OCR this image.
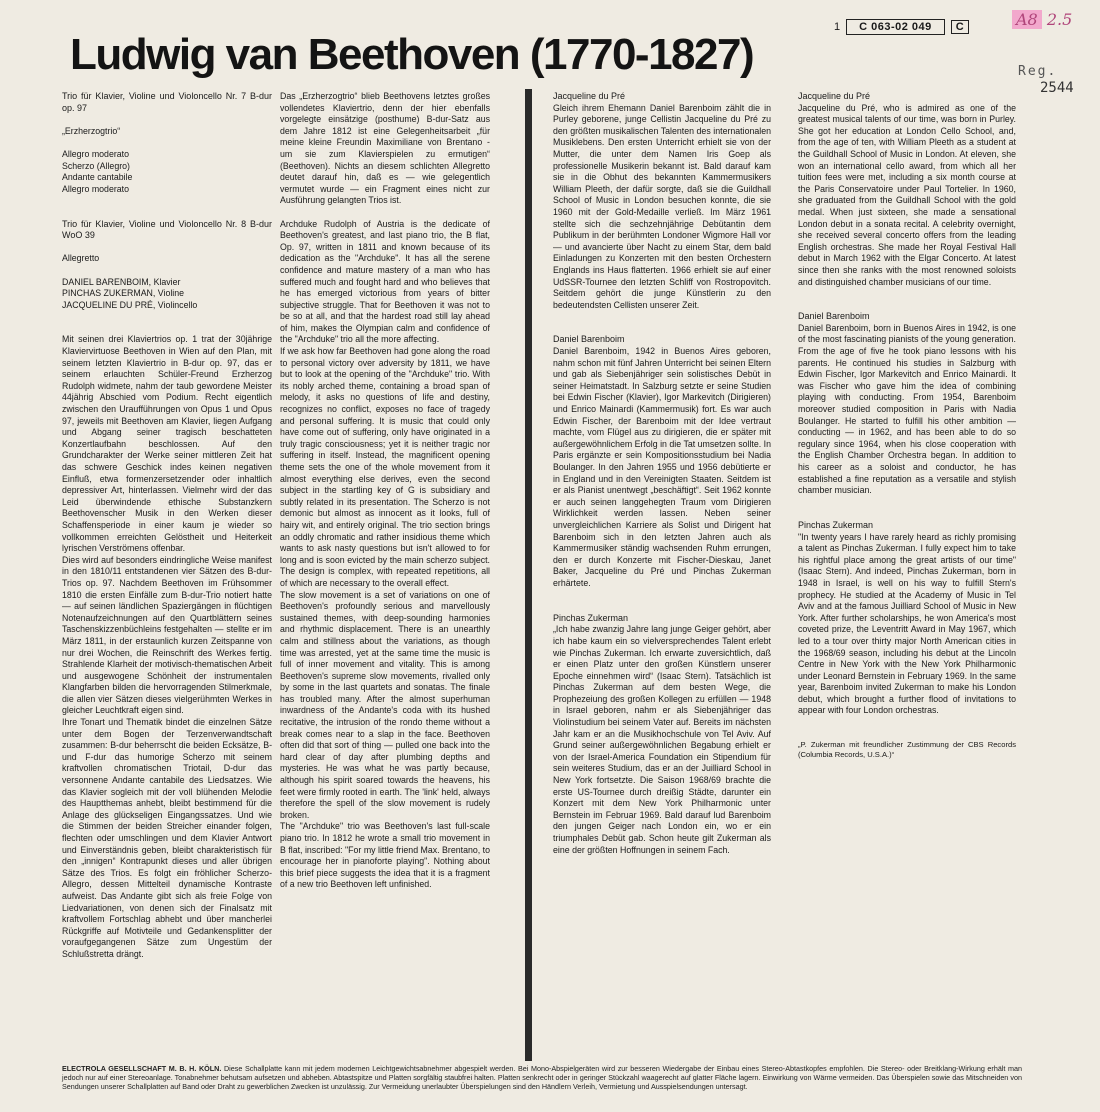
Ludwig van Beethoven (1770-1827)
1	C 063-02 049	C	A8 2.5
Reg.
2544

Trio für Klavier, Violine und Violoncello Nr. 7 B-dur op. 97

„Erzherzogtrio“

Allegro moderato

Scherzo (Allegro)

Andante cantabile

Allegro moderato

Trio für Klavier, Violine und Violoncello Nr. 8 B-dur WoO 39

Allegretto

DANIEL BARENBOIM, Klavier

PINCHAS ZUKERMAN, Violine

JACQUELINE DU PRÉ, Violincello

Mit seinen drei Klaviertrios op. 1 trat der 30jährige Klaviervirtuose Beethoven in Wien auf den Plan, mit seinem letzten Klaviertrio in B-dur op. 97, das er seinem erlauchten Schüler-Freund Erzherzog Rudolph widmete, nahm der taub gewordene Meister 44jährig Abschied vom Podium. Recht eigentlich zwischen den Uraufführungen von Opus 1 und Opus 97, jeweils mit Beethoven am Klavier, liegen Aufgang und Abgang seiner tragisch beschatteten Konzertlaufbahn beschlossen. Auf den Grundcharakter der Werke seiner mittleren Zeit hat das schwere Geschick indes keinen negativen Einfluß, etwa formenzersetzender oder inhaltlich depressiver Art, hinterlassen. Vielmehr wird der das Leid überwindende ethische Substanzkern Beethovenscher Musik in den Werken dieser Schaffensperiode in einer kaum je wieder so vollkommen erreichten Gelöstheit und Heiterkeit lyrischen Verströmens offenbar.
Dies wird auf besonders eindringliche Weise manifest in den 1810/11 entstandenen vier Sätzen des B-dur-Trios op. 97. Nachdem Beethoven im Frühsommer 1810 die ersten Einfälle zum B-dur-Trio notiert hatte — auf seinen ländlichen Spaziergängen in flüchtigen Notenaufzeichnungen auf den Quartblättern seines Taschenskizzenbüchleins festgehalten — stellte er im März 1811, in der erstaunlich kurzen Zeitspanne von nur drei Wochen, die Reinschrift des Werkes fertig. Strahlende Klarheit der motivisch-thematischen Arbeit und ausgewogene Schönheit der instrumentalen Klangfarben bilden die hervorragenden Stilmerkmale, die allen vier Sätzen dieses vielgerühmten Werkes in gleicher Leuchtkraft eigen sind.
Ihre Tonart und Thematik bindet die einzelnen Sätze unter dem Bogen der Terzenverwandtschaft zusammen: B-dur beherrscht die beiden Ecksätze, B- und F-dur das humorige Scherzo mit seinem kraftvollen chromatischen Triotail, D-dur das versonnene Andante cantabile des Liedsatzes. Wie das Klavier sogleich mit der voll blühenden Melodie des Hauptthemas anhebt, bleibt bestimmend für die Anlage des glückseligen Eingangssatzes. Und wie die Stimmen der beiden Streicher einander folgen, flechten oder umschlingen und dem Klavier Antwort und Einverständnis geben, bleibt charakteristisch für den „innigen“ Kontrapunkt dieses und aller übrigen Sätze des Trios. Es folgt ein fröhlicher Scherzo-Allegro, dessen Mittelteil dynamische Kontraste aufweist. Das Andante gibt sich als freie Folge von Liedvariationen, von denen sich der Finalsatz mit kraftvollem Fortschlag abhebt und über mancherlei Rückgriffe auf Motivteile und Gedankensplitter der voraufgegangenen Sätze zum Ungestüm der Schlußstretta drängt.

Das „Erzherzogtrio“ blieb Beethovens letztes großes vollendetes Klaviertrio, denn der hier ebenfalls vorgelegte einsätzige (posthume) B-dur-Satz aus dem Jahre 1812 ist eine Gelegenheitsarbeit „für meine kleine Freundin Maximiliane von Brentano - um sie zum Klavierspielen zu ermutigen“ (Beethoven). Nichts an diesem schlichten Allegretto deutet darauf hin, daß es — wie gelegentlich vermutet wurde — ein Fragment eines nicht zur Ausführung gelangten Trios ist.

Archduke Rudolph of Austria is the dedicate of Beethoven's greatest, and last piano trio, the B flat, Op. 97, written in 1811 and known because of its dedication as the "Archduke". It has all the serene confidence and mature mastery of a man who has suffered much and fought hard and who believes that he has emerged victorious from years of bitter subjective struggle. That for Beethoven it was not to be so at all, and that the hardest road still lay ahead of him, makes the Olympian calm and confidence of the "Archduke" trio all the more affecting.
If we ask how far Beethoven had gone along the road to personal victory over adversity by 1811, we have but to look at the opening of the "Archduke" trio. With its nobly arched theme, containing a broad span of melody, it asks no questions of life and destiny, recognizes no conflict, exposes no face of tragedy and personal suffering. It is music that could only have come out of suffering, only have originated in a truly tragic consciousness; yet it is neither tragic nor suffering in itself. Instead, the magnificent opening theme sets the one of the whole movement from it almost everything else derives, even the second subject in the startling key of G is subsidiary and subtly related in its presentation. The Scherzo is not demonic but almost as innocent as it looks, full of hairy wit, and entirely original. The trio section brings an oddly chromatic and rather insidious theme which wants to ask nasty questions but isn't allowed to for long and is soon evicted by the main scherzo subject. The design is complex, with repeated repetitions, all of which are necessary to the overall effect.
The slow movement is a set of variations on one of Beethoven's profoundly serious and marvellously sustained themes, with deep-sounding harmonies and rhythmic displacement. There is an unearthly calm and stillness about the variations, as though time was arrested, yet at the same time the music is full of inner movement and vitality. This is among Beethoven's supreme slow movements, rivalled only by some in the last quartets and sonatas. The finale has troubled many. After the almost superhuman inwardness of the Andante's coda with its hushed recitative, the intrusion of the rondo theme without a break comes near to a slap in the face. Beethoven often did that sort of thing — pulled one back into the hard clear of day after plumbing depths and mysteries. He was what he was partly because, although his spirit soared towards the heavens, his feet were firmly rooted in earth. The 'link' held, always therefore the spell of the slow movement is rudely broken.
The "Archduke" trio was Beethoven's last full-scale piano trio. In 1812 he wrote a small trio movement in B flat, inscribed: "For my little friend Max. Brentano, to encourage her in pianoforte playing". Nothing about this brief piece suggests the idea that it is a fragment of a new trio Beethoven left unfinished.

Jacqueline du Pré

Gleich ihrem Ehemann Daniel Barenboim zählt die in Purley geborene, junge Cellistin Jacqueline du Pré zu den größten musikalischen Talenten des internationalen Musiklebens. Den ersten Unterricht erhielt sie von der Mutter, die unter dem Namen Iris Goep als professionelle Musikerin bekannt ist. Bald darauf kam sie in die Obhut des bekannten Kammermusikers William Pleeth, der dafür sorgte, daß sie die Guildhall School of Music in London besuchen konnte, die sie 1960 mit der Gold-Medaille verließ. Im März 1961 stellte sich die sechzehnjährige Debütantin dem Publikum in der berühmten Londoner Wigmore Hall vor — und avancierte über Nacht zu einem Star, dem bald Einladungen zu Konzerten mit den besten Orchestern Englands ins Haus flatterten. 1966 erhielt sie auf einer UdSSR-Tournee den letzten Schliff von Rostropovitch. Seitdem gehört die junge Künstlerin zu den bedeutendsten Cellisten unserer Zeit.

Daniel Barenboim

Daniel Barenboim, 1942 in Buenos Aires geboren, nahm schon mit fünf Jahren Unterricht bei seinen Eltern und gab als Siebenjähriger sein solistisches Debüt in seiner Heimatstadt. In Salzburg setzte er seine Studien bei Edwin Fischer (Klavier), Igor Markevitch (Dirigieren) und Enrico Mainardi (Kammermusik) fort. Es war auch Edwin Fischer, der Barenboim mit der Idee vertraut machte, vom Flügel aus zu dirigieren, die er später mit außergewöhnlichem Erfolg in die Tat umsetzen sollte. In Paris ergänzte er sein Kompositionsstudium bei Nadia Boulanger. In den Jahren 1955 und 1956 debütierte er in England und in den Vereinigten Staaten. Seitdem ist er als Pianist unentwegt „beschäftigt“. Seit 1962 konnte er auch seinen langgehegten Traum vom Dirigieren Wirklichkeit werden lassen. Neben seiner unvergleichlichen Karriere als Solist und Dirigent hat Barenboim sich in den letzten Jahren auch als Kammermusiker ständig wachsenden Ruhm errungen, den er durch Konzerte mit Fischer-Dieskau, Janet Baker, Jacqueline du Pré und Pinchas Zukerman erhärtete.

Pinchas Zukerman

„Ich habe zwanzig Jahre lang junge Geiger gehört, aber ich habe kaum ein so vielversprechendes Talent erlebt wie Pinchas Zukerman. Ich erwarte zuversichtlich, daß er einen Platz unter den großen Künstlern unserer Epoche einnehmen wird“ (Isaac Stern). Tatsächlich ist Pinchas Zukerman auf dem besten Wege, die Prophezeiung des großen Kollegen zu erfüllen — 1948 in Israel geboren, nahm er als Siebenjähriger das Violinstudium bei seinem Vater auf. Bereits im nächsten Jahr kam er an die Musikhochschule von Tel Aviv. Auf Grund seiner außergewöhnlichen Begabung erhielt er von der Israel-America Foundation ein Stipendium für sein weiteres Studium, das er an der Juilliard School in New York fortsetzte. Die Saison 1968/69 brachte die erste US-Tournee durch dreißig Städte, darunter ein Konzert mit dem New York Philharmonic unter Bernstein im Februar 1969. Bald darauf lud Barenboim den jungen Geiger nach London ein, wo er ein triumphales Debüt gab. Schon heute gilt Zukerman als eine der größten Hoffnungen in seinem Fach.

Jacqueline du Pré

Jacqueline du Pré, who is admired as one of the greatest musical talents of our time, was born in Purley. She got her education at London Cello School, and, from the age of ten, with William Pleeth as a student at the Guildhall School of Music in London. At eleven, she won an international cello award, from which all her tuition fees were met, including a six month course at the Paris Conservatoire under Paul Tortelier. In 1960, she graduated from the Guildhall School with the gold medal. When just sixteen, she made a sensational London debut in a sonata recital. A celebrity overnight, she received several concerto offers from the leading English orchestras. She made her Royal Festival Hall debut in March 1962 with the Elgar Concerto. At latest since then she ranks with the most renowned soloists and distinguished chamber musicians of our time.

Daniel Barenboim

Daniel Barenboim, born in Buenos Aires in 1942, is one of the most fascinating pianists of the young generation. From the age of five he took piano lessons with his parents. He continued his studies in Salzburg with Edwin Fischer, Igor Markevitch and Enrico Mainardi. It was Fischer who gave him the idea of combining playing with conducting. From 1954, Barenboim moreover studied composition in Paris with Nadia Boulanger. He started to fulfill his other ambition — conducting — in 1962, and has been able to do so regulary since 1964, when his close cooperation with the English Chamber Orchestra began. In addition to his career as a soloist and conductor, he has established a fine reputation as a versatile and stylish chamber musician.

Pinchas Zukerman

"In twenty years I have rarely heard as richly promising a talent as Pinchas Zukerman. I fully expect him to take his rightful place among the great artists of our time" (Isaac Stern). And indeed, Pinchas Zukerman, born in 1948 in Israel, is well on his way to fulfill Stern's prophecy. He studied at the Academy of Music in Tel Aviv and at the famous Juilliard School of Music in New York. After further scholarships, he won America's most coveted prize, the Leventritt Award in May 1967, which led to a tour over thirty major North American cities in the 1968/69 season, including his debut at the Lincoln Centre in New York with the New York Philharmonic under Leonard Bernstein in February 1969. In the same year, Barenboim invited Zukerman to make his London debut, which brought a further flood of invitations to appear with four London orchestras.

„P. Zukerman mit freundlicher Zustimmung der CBS Records (Columbia Records, U.S.A.)“

ELECTROLA GESELLSCHAFT M. B. H. KÖLN. Diese Schallplatte kann mit jedem modernen Leichtgewichtsabnehmer abgespielt werden. Bei Mono-Abspielgeräten wird zur besseren Wiedergabe der Einbau eines Stereo-Abtastkopfes empfohlen. Die Stereo- oder Breitklang-Wirkung erhält man jedoch nur auf einer Stereoanlage. Tonabnehmer behutsam aufsetzen und abheben. Abtastspitze und Platten sorgfältig staubfrei halten. Platten senkrecht oder in geringer Stückzahl waagerecht auf glatter Fläche lagern. Einwirkung von Wärme vermeiden. Das Überspielen sowie das Mitschneiden von Sendungen unserer Schallplatten auf Band oder Draht zu gewerblichen Zwecken ist unzulässig. Zur Vermeidung unerlaubter Überspielungen sind den Händlern Verleih, Vermietung und Ausspielsendungen untersagt.
